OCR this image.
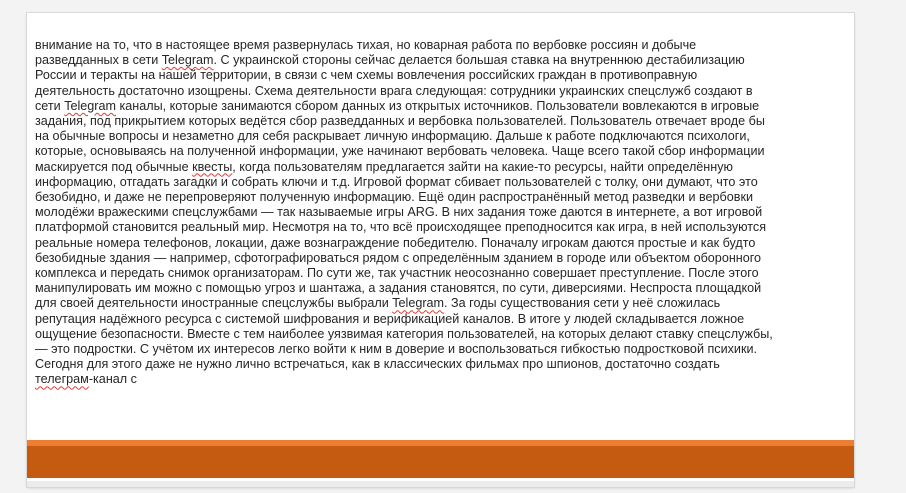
внимание на то, что в настоящее время развернулась тихая, но коварная работа по вербовке россиян и добыче
разведданных в сети Telegram. С украинской стороны сейчас делается большая ставка на внутреннюю дестабилизацию
России и теракты на нашей территории, в связи с чем схемы вовлечения российских граждан в противоправную
деятельность достаточно изощрены. Схема деятельности врага следующая: сотрудники украинских спецслужб создают в
сети Telegram каналы, которые занимаются сбором данных из открытых источников. Пользователи вовлекаются в игровые
задания, под прикрытием которых ведётся сбор разведданных и вербовка пользователей. Пользователь отвечает вроде бы
на обычные вопросы и незаметно для себя раскрывает личную информацию. Дальше к работе подключаются психологи,
которые, основываясь на полученной информации, уже начинают вербовать человека. Чаще всего такой сбор информации
маскируется под обычные квесты, когда пользователям предлагается зайти на какие-то ресурсы, найти определённую
информацию, отгадать загадки и собрать ключи и т.д. Игровой формат сбивает пользователей с толку, они думают, что это
безобидно, и даже не перепроверяют полученную информацию. Ещё один распространённый метод разведки и вербовки
молодёжи вражескими спецслужбами — так называемые игры ARG. В них задания тоже даются в интернете, а вот игровой
платформой становится реальный мир. Несмотря на то, что всё происходящее преподносится как игра, в ней используются
реальные номера телефонов, локации, даже вознаграждение победителю. Поначалу игрокам даются простые и как будто
безобидные здания — например, сфотографироваться рядом с определённым зданием в городе или объектом оборонного
комплекса и передать снимок организаторам. По сути же, так участник неосознанно совершает преступление. После этого
манипулировать им можно с помощью угроз и шантажа, а задания становятся, по сути, диверсиями. Неспроста площадкой
для своей деятельности иностранные спецслужбы выбрали Telegram. За годы существования сети у неё сложилась
репутация надёжного ресурса с системой шифрования и верификацией каналов. В итоге у людей складывается ложное
ощущение безопасности. Вместе с тем наиболее уязвимая категория пользователей, на которых делают ставку спецслужбы,
— это подростки. С учётом их интересов легко войти к ним в доверие и воспользоваться гибкостью подростковой психики.
Сегодня для этого даже не нужно лично встречаться, как в классических фильмах про шпионов, достаточно создать
телеграм-канал с
